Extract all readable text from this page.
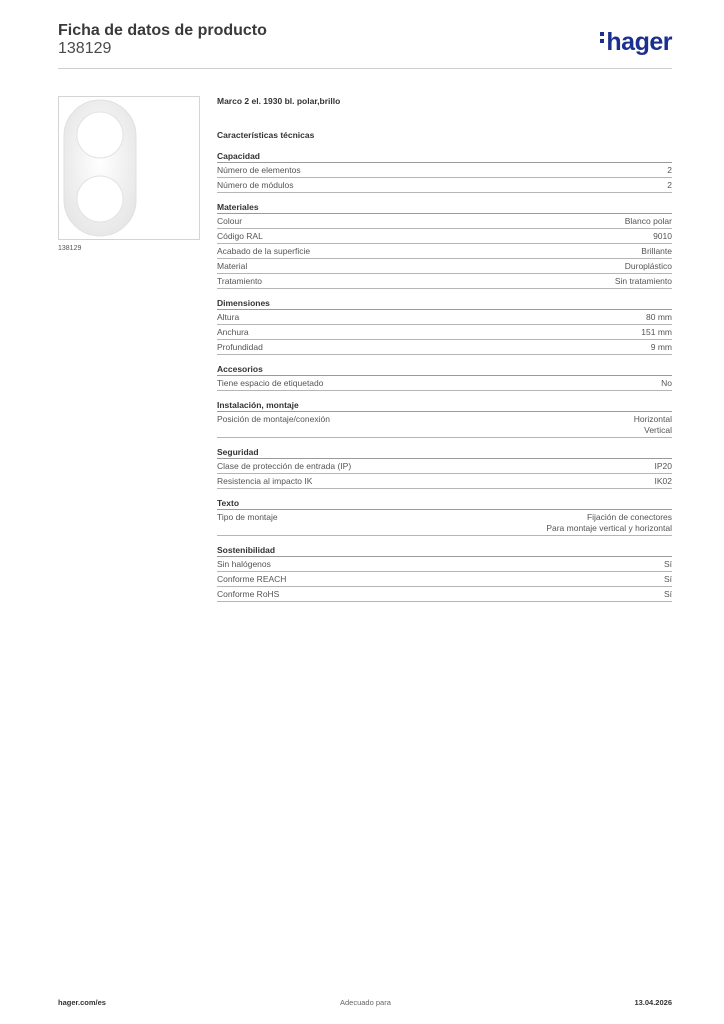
Ficha de datos de producto
138129	hager
138129
Marco 2 el. 1930 bl. polar,brillo
Características técnicas
Capacidad
Número de elementos	2
Número de módulos	2
Materiales
Colour	Blanco polar
Código RAL	9010
Acabado de la superficie	Brillante
Material	Duroplástico
Tratamiento	Sin tratamiento
Dimensiones
Altura	80 mm
Anchura	151 mm
Profundidad	9 mm
Accesorios
Tiene espacio de etiquetado	No
Instalación, montaje
Posición de montaje/conexión	Horizontal
Vertical
Seguridad
Clase de protección de entrada (IP)	IP20
Resistencia al impacto IK	IK02
Texto
Tipo de montaje	Fijación de conectores
Para montaje vertical y horizontal
Sostenibilidad
Sin halógenos	Sí
Conforme REACH	Sí
Conforme RoHS	Sí
hager.com/es	Adecuado para	13.04.2026
